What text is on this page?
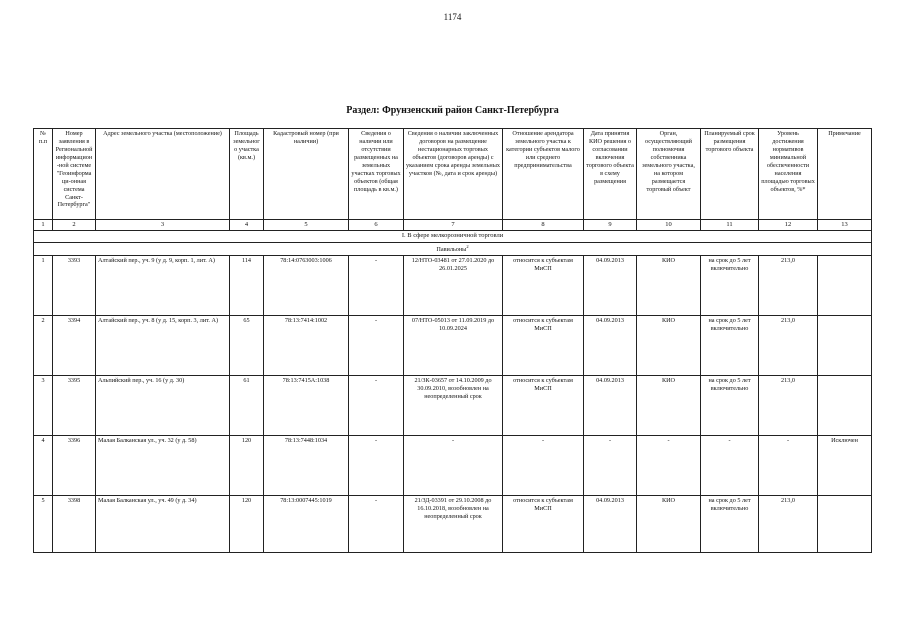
1174
Раздел: Фрунзенский район Санкт-Петербурга
№ п.п	Номер заявления в Региональной информацион-ной системе "Геоинформаци-онная система Санкт-Петербурга"	Адрес земельного участка (местоположение)	Площадь земельного участка (кв.м.)	Кадастровый номер (при наличии)	Сведения о наличии или отсутствии размещенных на земельных участках торговых объектов (общая площадь в кв.м.)	Сведения о наличии заключенных договоров на размещение нестационарных торговых объектов (договоров аренды) с указанием срока аренды земельных участков (№, дата и срок аренды)	Отношение арендатора земельного участка к категории субъектов малого или среднего предпринимательства	Дата принятия КИО решения о согласовании включения торгового объекта в схему размещения	Орган, осуществляющий полномочия собственника земельного участка, на котором размещается торговый объект	Планируемый срок размещения торгового объекта	Уровень достижения нормативов минимальной обеспеченности населения площадью торговых объектов, %*	Примечание
1	2	3	4	5	6	7	8	9	10	11	12	13
I. В сфере мелкорозничной торговли												
Павильоны$^2$
1	3393	Алтайский пер., уч. 9 (у д. 9, корп. 1, лит. А)	114	78:14:0763003:1006	-	12/НТО-03481 от 27.01.2020 до 26.01.2025	относится к субъектам МиСП	04.09.2013	КИО	на срок до 5 лет включительно	213,0	
2	3394	Алтайский пер., уч. 8 (у д. 15, корп. 3, лит. А)	65	78:13:7414:1002	-	07/НТО-05013 от 11.09.2019 до 10.09.2024	относится к субъектам МиСП	04.09.2013	КИО	на срок до 5 лет включительно	213,0	
3	3395	Альпийский пер., уч. 16 (у д. 30)	61	78:13:7415А:1038	-	21/ЗК-03657 от 14.10.2009 до 30.09.2010, возобновлен на неопределенный срок	относится к субъектам МиСП	04.09.2013	КИО	на срок до 5 лет включительно	213,0	
4	3396	Малая Балканская ул., уч. 32 (у д. 58)	120	78:13:7448:1034	-	-	-	-	-	-	-	Исключен
5	3398	Малая Балканская ул., уч. 49 (у д. 34)	120	78:13:0007445:1019	-	21/ЗД-03391 от 29.10.2008 до 16.10.2018, возобновлен на неопределенный срок	относится к субъектам МиСП	04.09.2013	КИО	на срок до 5 лет включительно	213,0	
